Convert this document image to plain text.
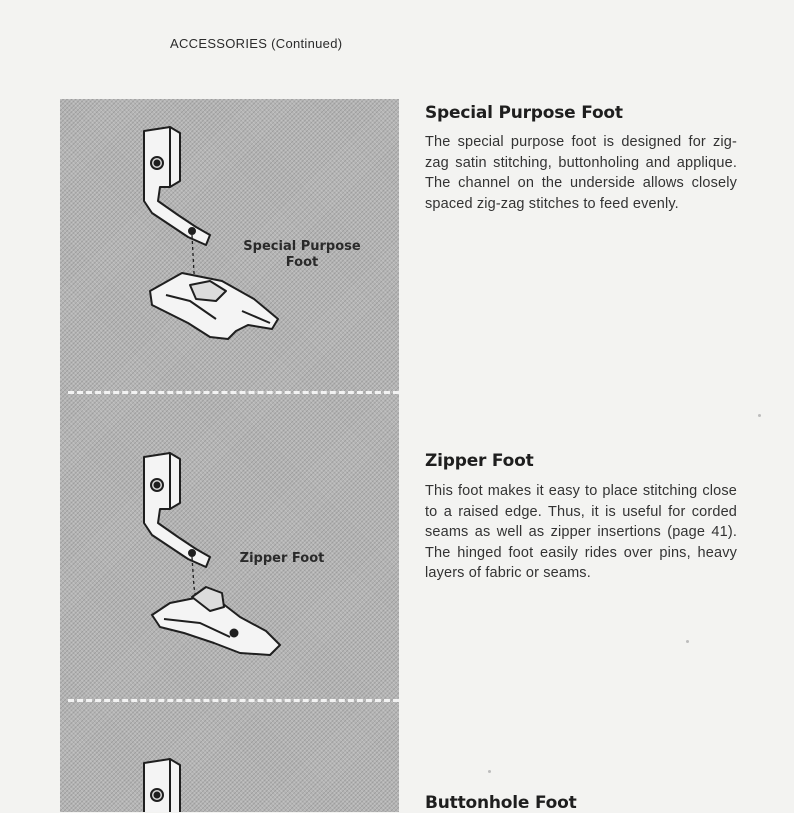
ACCESSORIES (Continued)
Special Purpose
Foot
Zipper Foot
Special Purpose Foot
The special purpose foot is designed for zig-zag satin stitching, buttonholing and applique. The channel on the underside allows closely spaced zig-zag stitches to feed evenly.
Zipper Foot
This foot makes it easy to place stitching close to a raised edge. Thus, it is useful for corded seams as well as zipper insertions (page 41). The hinged foot easily rides over pins, heavy layers of fabric or seams.
Buttonhole Foot
